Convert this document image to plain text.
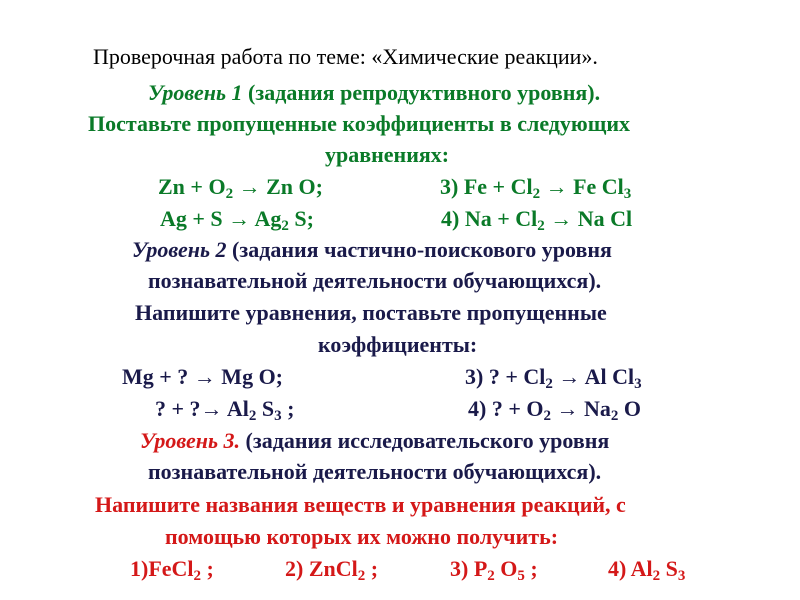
Проверочная работа по теме: «Химические реакции».
Уровень 1 (задания репродуктивного уровня).
Поставьте пропущенные коэффициенты в следующих
уравнениях:
$Zn + O_2 \to Zn$ O;	3) $Fe + Cl_2 \to Fe$ $Cl_3$
$Ag + S \to Ag_2$ S;	4) $Na + Cl_2 \to Na$ Cl
Уровень 2 (задания частично-поискового уровня
познавательной деятельности обучающихся).
Напишите уравнения, поставьте пропущенные
коэффициенты:
Mg + ? → Mg O;	3) ? + $Cl_2 \to Al$ $Cl_3$
? + ?→ $Al_2$ $S_3$ ;	4) ? + $O_2 \to Na_2$ O
Уровень 3. (задания исследовательского уровня
познавательной деятельности обучающихся).
Напишите названия веществ и уравнения реакций, с
помощью которых их можно получить:
1)FeCl$_2$ ;	2) ZnCl$_2$ ;	3) $P_2$ $O_5$ ;	4) $Al_2$ $S_3$
